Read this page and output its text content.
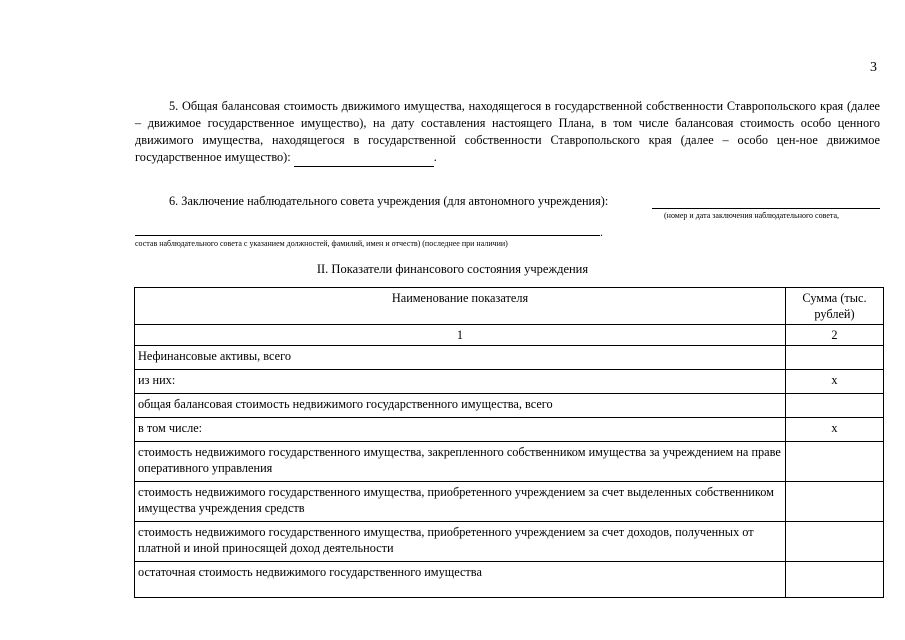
3
5. Общая балансовая стоимость движимого имущества, находящегося в государственной собственности Ставропольского края (далее – движимое государственное имущество), на дату составления настоящего Плана, в том числе балансовая стоимость особо ценного движимого имущества, находящегося в государственной собственности Ставропольского края (далее – особо цен-ное движимое государственное имущество):	.
6. Заключение наблюдательного совета учреждения (для автономного учреждения):
(номер и дата заключения наблюдательного совета,
.
состав наблюдательного совета с указанием должностей, фамилий, имен и отчеств) (последнее при наличии)
II. Показатели финансового состояния учреждения
Наименование показателя	Сумма (тыс. рублей)
1	2
Нефинансовые активы, всего	
из них:	x
общая балансовая стоимость недвижимого государственного имущества, всего	
в том числе:	x
стоимость недвижимого государственного имущества, закрепленного собственником имущества за учреждением на праве оперативного управления	
стоимость недвижимого государственного имущества, приобретенного учреждением за счет выделенных собственником имущества учреждения средств	
стоимость недвижимого государственного имущества, приобретенного учреждением за счет доходов, полученных от платной и иной приносящей доход деятельности	
остаточная стоимость недвижимого государственного имущества	
